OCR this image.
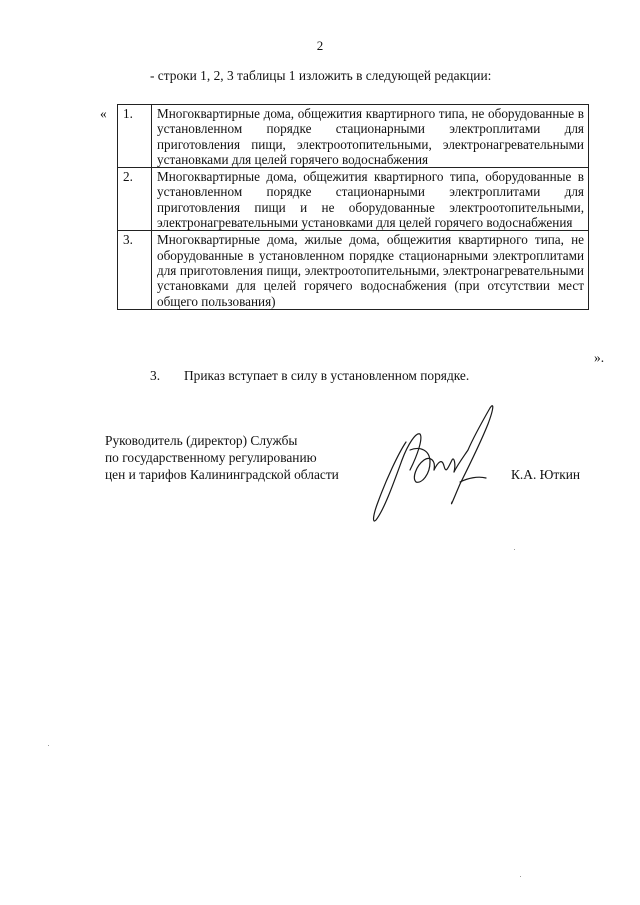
2
- строки 1, 2, 3 таблицы 1 изложить в следующей редакции:
« 1.	Многоквартирные дома, общежития квартирного типа, не оборудованные в установленном порядке стационарными электроплитами для приготовления пищи, электроотопительными, электронагревательными установками для целей горячего водоснабжения
2.	Многоквартирные дома, общежития квартирного типа, оборудованные в установленном порядке стационарными электроплитами для приготовления пищи и не оборудованные электроотопительными, электронагревательными установками для целей горячего водоснабжения
3.	Многоквартирные дома, жилые дома, общежития квартирного типа, не оборудованные в установленном порядке стационарными электроплитами для приготовления пищи, электроотопительными, электронагревательными установками для целей горячего водоснабжения (при отсутствии мест общего пользования)
».
3. Приказ вступает в силу в установленном порядке.
Руководитель (директор) Службы
по государственному регулированию
цен и тарифов Калининградской области	К.А. Юткин
